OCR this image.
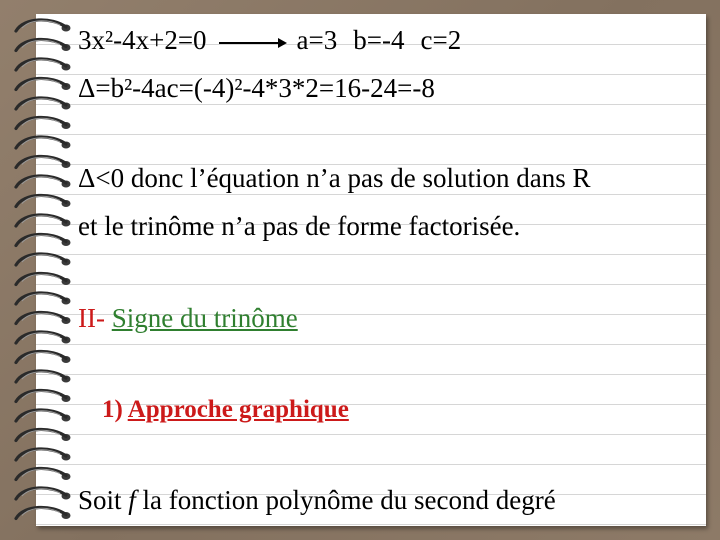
3x²-4x+2=0	a=3 b=-4 c=2
Δ=b²-4ac=(-4)²-4*3*2=16-24=-8
Δ<0 donc l’équation n’a pas de solution dans R
et le trinôme n’a pas de forme factorisée.
II- Signe du trinôme
1) Approche graphique
Soit f la fonction polynôme du second degré
